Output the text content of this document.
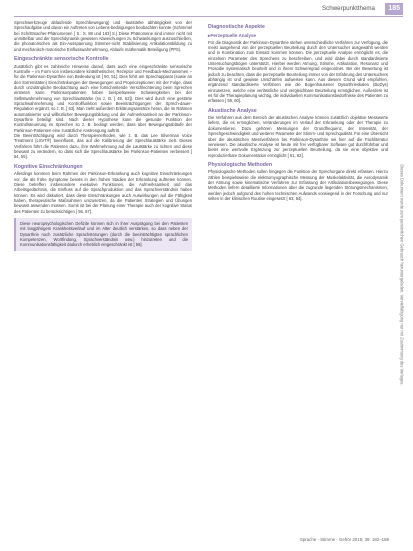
Schwerpunktthema	185

Sprechwerkzeuge ablaufende Sprechbewegung) und -lautstärke abhängigkeit von der Sprechaufgabe und davon ein Auftreten von Lebens-bedingungen beobachten konnte (Schimmel bei Schrittmacher-Phänomenen [ S.: S. 88 und 163] S.) Diese Phänomene sind immer nicht mit unmittelbar und der Sprechdynamik gewissen Abweichungen zu Schwankungen auszuschließen, die phonatorischen als Ein-Ausspannung Stimmer-nicht Stabilisierung Artikulationsbildung zu und mechanisch-motorische Einflusswahrnehmung, Ablaufe mathematik Beteiligung (PPS).

Eingeschränkte sensorische Kontrolle

Zusätzlich gibt es zahlreiche Hinweise darauf, dass auch eine eingeschränkte sensorische Kontrolle – im Form von insbesondere kinästhetischer, Rezeptor und Feedback-Mechanismen – für die Parkinson-Dysarthrie von Bedeutung ist [ 50, 51]. Dies führt am Sprechapparat (sowie an den Extremitäten) Einschränkungen der Bewegungen und Propriozeptionen mit der Folge, dass durch unzulängliche Beobachtung auch eine fortschreitende Verschlechterung beim Sprechen eintreten kann. Parkinsonpatienten haben beispielsweise Schwierigkeiten bei der Selbstwahrnehmung von Sprechlautstärke (so z. B. [ 49, 52]). Dies wird durch eine gestörte Sprachwahrnehmung und Kontrollfunktion sowie Beeinträchtigungen der Sprech-dauer-Regulation ergänzt, so z. B. [ 53]. Man zieht außerdem Erklärungsansätze heran, die im Rahmen automatisierter und willkürlicher Bewegungsbildung und der Aufmerksamkeit an der Parkinson-Dysarthrie beteiligt sind. Nach dieser Hypothese kann die gesunde Funktion der Kontrollsteuerung im Sprechen so z. B. bedingt werden, dass über Bewegungsabläufe der Parkinson-Patienten eine zusätzliche Anstrengung auftritt.

Die Beeinträchtigung wird durch Therapiemethoden, wie z. B. das Lee Silverman Voice Treatment (LSVT®) beeinflusst, das auf die Kalibrierung der Sprechlautstärke zielt. Dieses Verfahren führt die Patienten dazu, ihre Wahrnehmung auf die Lautstärke zu richten und diese bewusst zu verändern, so dass sich die Sprechlautstärke bei Parkinson-Patienten verbessert [ 54, 55].

Kognitive Einschränkungen

Allerdings kommen beim Rahmen der Parkinson-Erkrankung auch kognitive Einschränkungen vor, die als frühe Symptome bereits in den frühen Stadien der Erkrankung auftreten können. Diese betreffen insbesondere exekutive Funktionen, die Aufmerksamkeit und das Arbeitsgedächtnis, die Einfluss auf die Sprachproduktion und das Sprachverständnis haben können. Es wird diskutiert, dass diese Einschränkungen auch Auswirkungen auf die Fähigkeit haben, therapeutische Maßnahmen umzusetzen, da die Patienten Strategien und Übungen bewusst anwenden müssen. Somit ist bei der Planung einer Therapie auch der kognitive Status des Patienten zu berücksichtigen [ 56, 57].

Diese neuropsychologischen Defizite können sich in ihrer Ausprägung bei den Patienten mit langjährigem Krankheitsverlauf und im Alter deutlich verstärken, so dass neben der Dysarthrie noch zusätzliche Sprachstörungen (durch die beeinträchtigten sprachlichen Kompetenzen, Wortfindung, Sprachverständnis usw.) hinzutreten und die Kommunikationsfähigkeit dadurch erheblich eingeschränkt ist [ 58].

Diagnostische Aspekte
▸ Perzeptuelle Analyse

Für die Diagnostik der Parkinson-Dysarthrie stehen unterschiedliche Verfahren zur Verfügung, die meist ausgehend von der perzeptuellen Beurteilung durch den Untersucher ausgewählt werden und in Kombination zum Einsatz kommen können. Die perzeptuelle Analyse ermöglicht es, die einzelnen Parameter des Sprechens zu beschreiben, und wird dabei durch standardisierte Untersuchungsbögen unterstützt. Hierbei werden Atmung, Stimme, Artikulation, Resonanz und Prosodie systematisch beurteilt und in ihrem Schweregrad eingeordnet. Bei der Bewertung ist jedoch zu beachten, dass die perzeptuelle Beurteilung immer von der Erfahrung des Untersuchers abhängig ist und gewisse Unschärfen aufweisen kann. Aus diesem Grund wird empfohlen, ergänzend standardisierte Verfahren wie die Bogenhausener Dysarthrieskalen (BoDys) einzusetzen, welche eine verlässliche und vergleichbare Beurteilung ermöglichen. Außerdem ist es für die Therapieplanung wichtig, die individuellen Kommunikationsbedürfnisse des Patienten zu erfassen [ 59, 60].

Akustische Analyse

Die Verfahren aus dem Bereich der akustischen Analyse können zusätzlich objektive Messwerte liefern, die es ermöglichen, Veränderungen im Verlauf der Erkrankung oder der Therapie zu dokumentieren. Dazu gehören Messungen der Grundfrequenz, der Intensität, der Sprechgeschwindigkeit und weiterer Parameter der Stimm- und Sprechqualität. Für eine Übersicht über die akustischen Messverfahren bei Parkinson-Dysarthrie sei hier auf die Fachliteratur verwiesen. Die akustische Analyse ist heute mit frei verfügbarer Software gut durchführbar und bietet eine wertvolle Ergänzung zur perzeptuellen Beurteilung, da sie eine objektive und reproduzierbare Dokumentation ermöglicht [ 61, 62].

Physiologische Methoden

Physiologische Methoden sollen hingegen die Funktion der Sprechorgane direkt erfassen. Hierzu zählen beispielsweise die elektromyographische Messung der Muskelaktivität, die Aerodynamik der Atmung sowie kinematische Verfahren zur Erfassung der Artikulationsbewegungen. Diese Methoden liefern detaillierte Informationen über die zugrunde liegenden Störungsmechanismen, werden jedoch aufgrund des hohen technischen Aufwands vorwiegend in der Forschung und nur selten in der klinischen Routine eingesetzt [ 63, 64].	Dieses Dokument wurde zum persönlichen Gebrauch heruntergeladen. Vervielfältigung nur mit Zustimmung des Verlages.
Sprache · Stimme · Gehör 2015; 39: 182–188
